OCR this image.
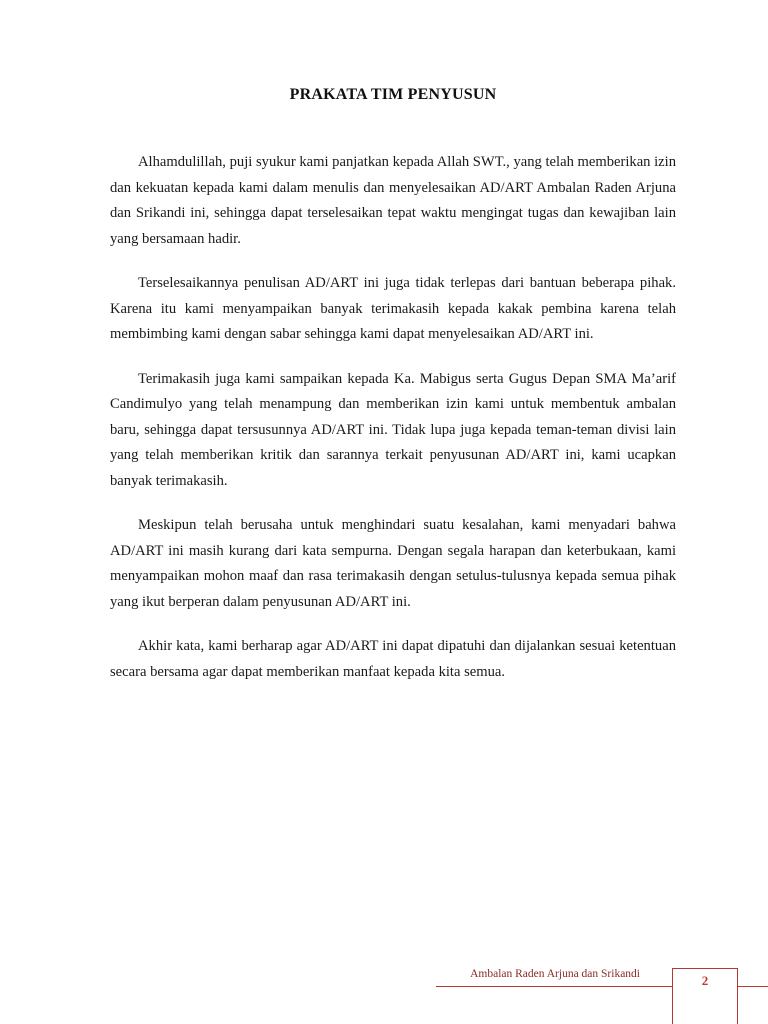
PRAKATA TIM PENYUSUN

Alhamdulillah, puji syukur kami panjatkan kepada Allah SWT., yang telah memberikan izin dan kekuatan kepada kami dalam menulis dan menyelesaikan AD/ART Ambalan Raden Arjuna dan Srikandi ini, sehingga dapat terselesaikan tepat waktu mengingat tugas dan kewajiban lain yang bersamaan hadir.

Terselesaikannya penulisan AD/ART ini juga tidak terlepas dari bantuan beberapa pihak. Karena itu kami menyampaikan banyak terimakasih kepada kakak pembina karena telah membimbing kami dengan sabar sehingga kami dapat menyelesaikan AD/ART ini.

Terimakasih juga kami sampaikan kepada Ka. Mabigus serta Gugus Depan SMA Ma’arif Candimulyo yang telah menampung dan memberikan izin kami untuk membentuk ambalan baru, sehingga dapat tersusunnya AD/ART ini. Tidak lupa juga kepada teman-teman divisi lain yang telah memberikan kritik dan sarannya terkait penyusunan AD/ART ini, kami ucapkan banyak terimakasih.

Meskipun telah berusaha untuk menghindari suatu kesalahan, kami menyadari bahwa AD/ART ini masih kurang dari kata sempurna. Dengan segala harapan dan keterbukaan, kami menyampaikan mohon maaf dan rasa terimakasih dengan setulus-tulusnya kepada semua pihak yang ikut berperan dalam penyusunan AD/ART ini.

Akhir kata, kami berharap agar AD/ART ini dapat dipatuhi dan dijalankan sesuai ketentuan secara bersama agar dapat memberikan manfaat kepada kita semua.

Ambalan Raden Arjuna dan Srikandi	2
